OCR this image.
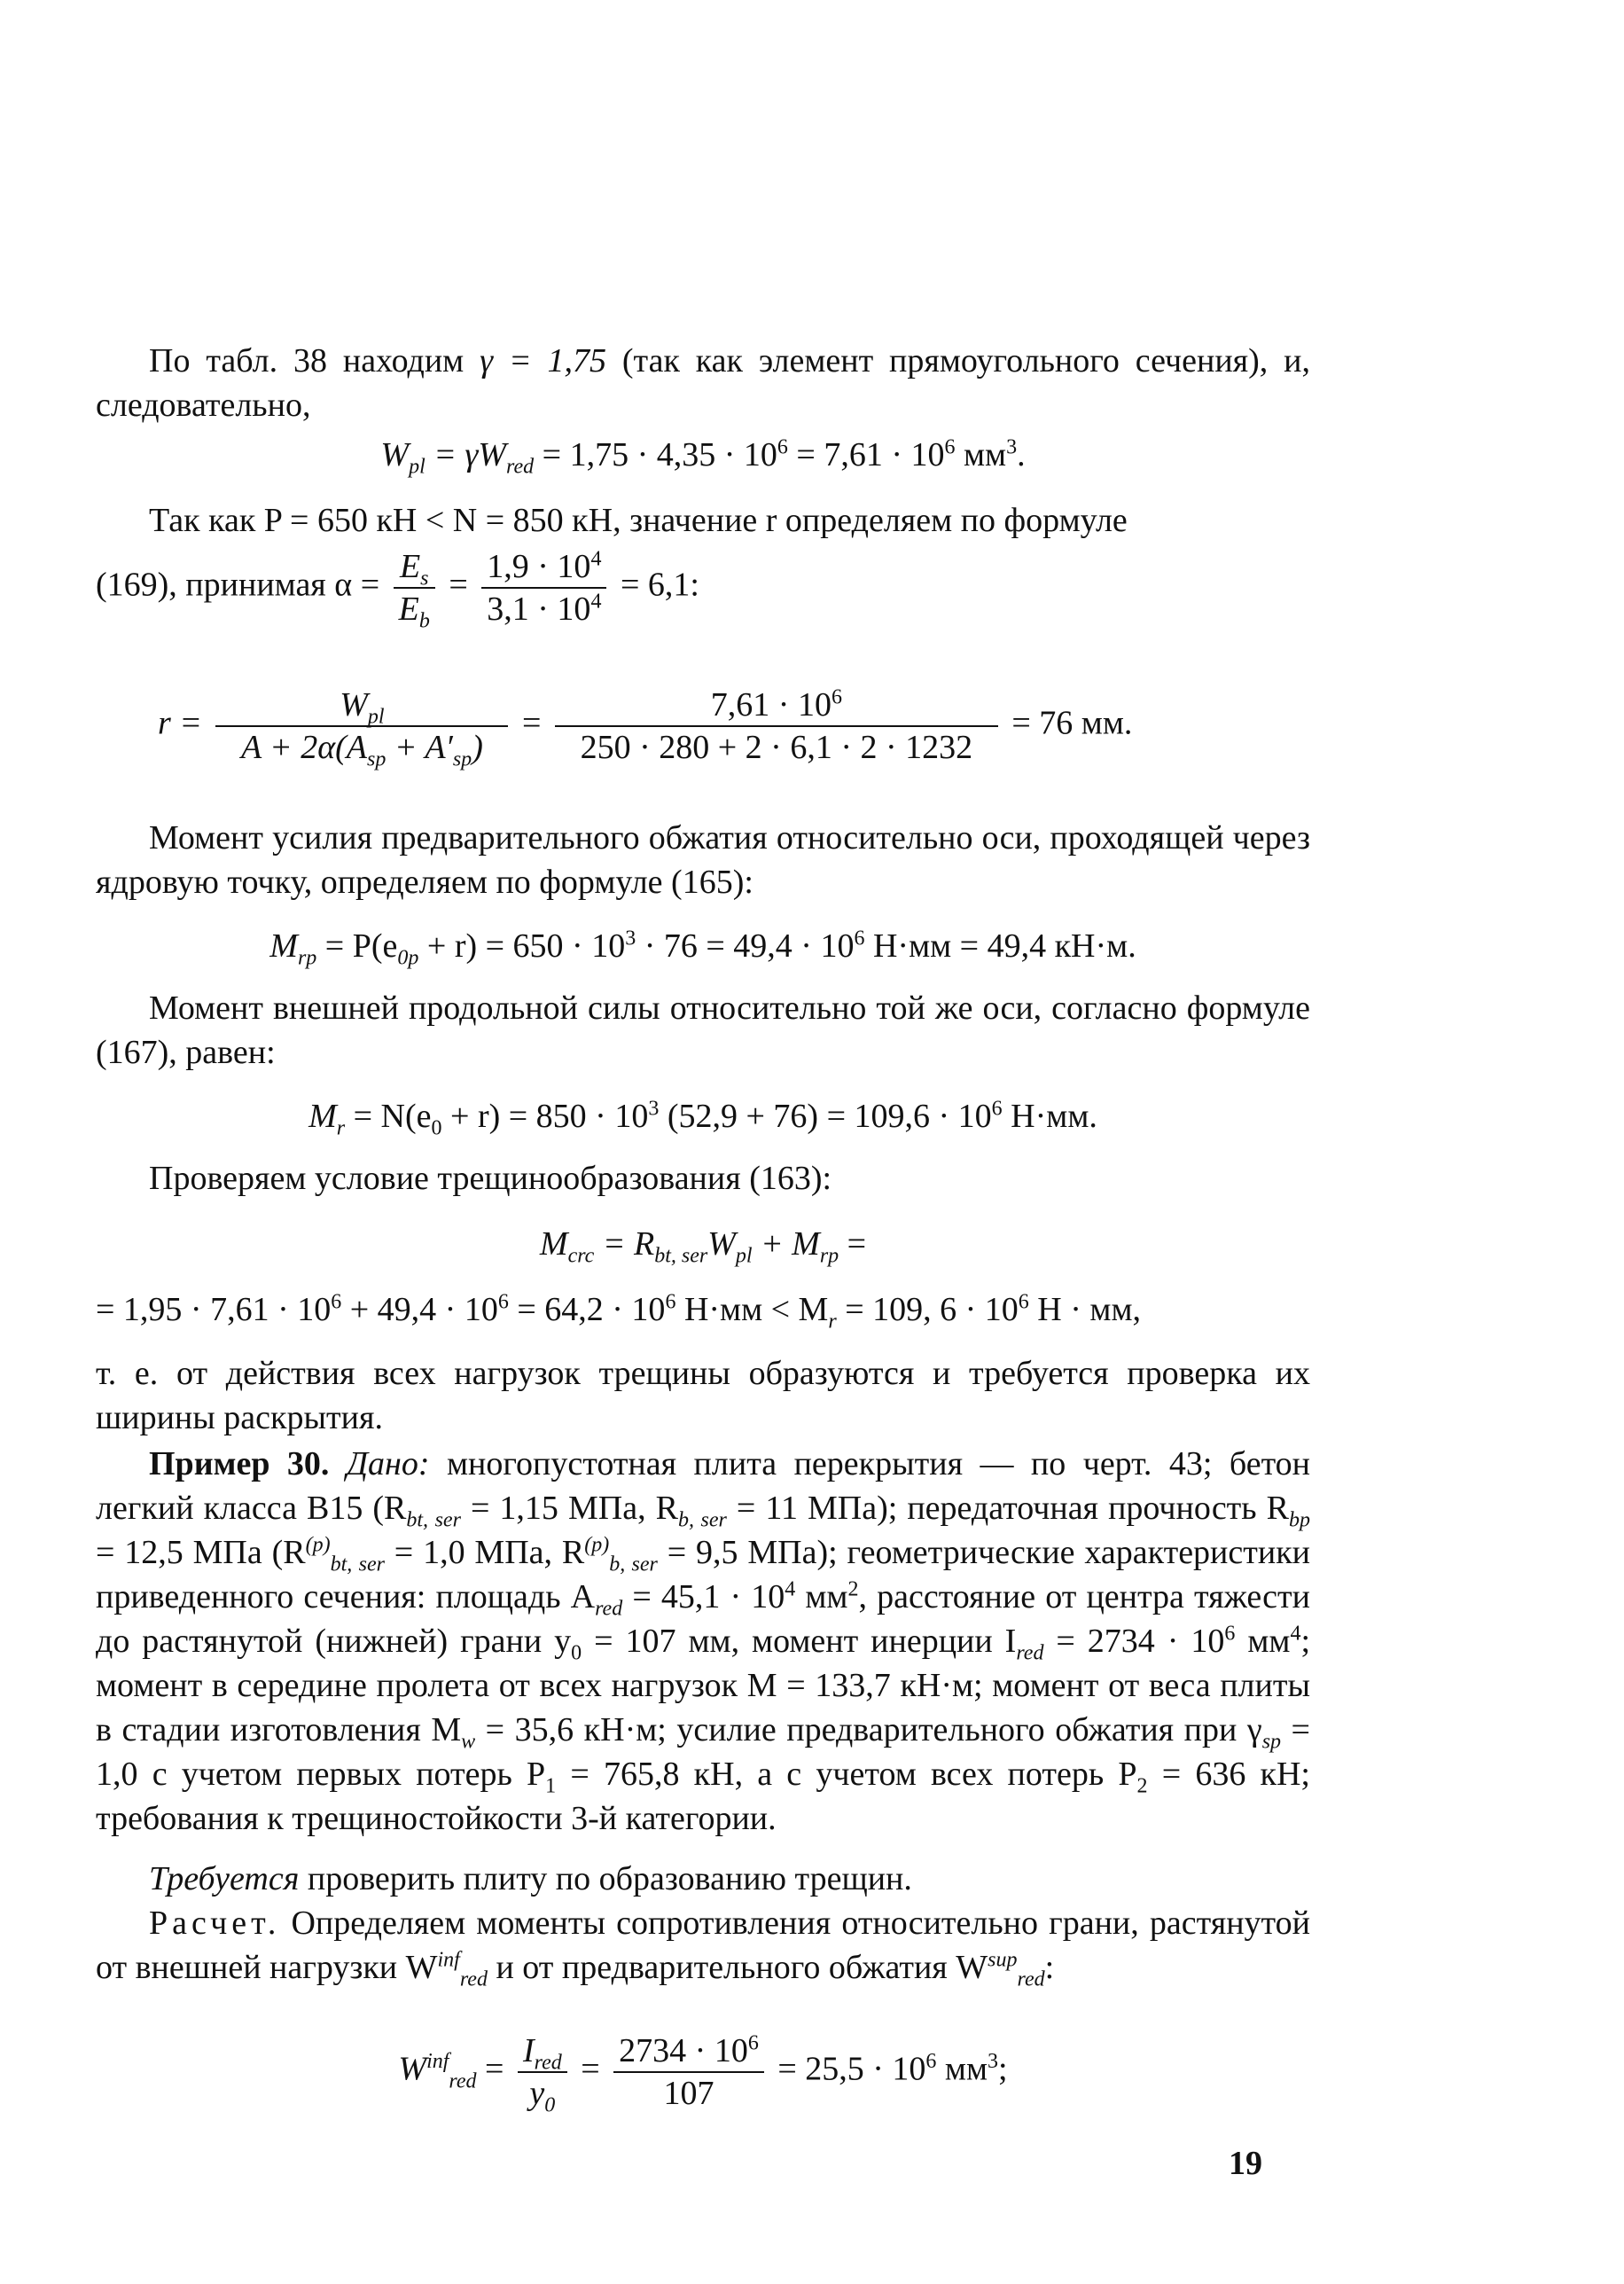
По табл. 38 находим γ = 1,75 (так как элемент прямоугольного сечения), и, следовательно,
$W_{pl} = \gamma W_{red} = 1,75 \cdot 4,35 \cdot 10^6 = 7,61 \cdot 10^6$ $мм^3$.
Так как P = 650 кН < N = 850 кН, значение r определяем по формуле
(169), принимая $\alpha = \frac{E_s}{E_b} = \frac{1,9 \cdot 10^4}{3,1 \cdot 10^4} = 6,1$:
$r = \frac{W_{pl}}{A + 2\alpha(A_{sp} + A'_{sp})} = \frac{7,61 \cdot 10^6}{250 \cdot 280 + 2 \cdot 6,1 \cdot 2 \cdot 1232} = 76$ мм.
Момент усилия предварительного обжатия относительно оси, проходящей через ядровую точку, определяем по формуле (165):
$M_{rp} = P(e_{0p} + r) = 650 \cdot 10^3 \cdot 76 = 49,4 \cdot 10^6$ Н·мм = 49,4 кН·м.
Момент внешней продольной силы относительно той же оси, согласно формуле (167), равен:
$M_r = N(e_0 + r) = 850 \cdot 10^3$ $(52,9 + 76) = 109,6 \cdot 10^6$ Н·мм.
Проверяем условие трещинообразования (163):
$M_{crc} = R_{bt, ser}W_{pl} + M_{rp}$ =
= $1,95 \cdot 7,61 \cdot 10^6 + 49,4 \cdot 10^6 = 64,2 \cdot 10^6$ $Н\cdot мм < M_r = 109$, $6 \cdot 10^6$ Н · мм,
т. е. от действия всех нагрузок трещины образуются и требуется проверка их ширины раскрытия.
Пример 30. Дано: многопустотная плита перекрытия — по черт. 43; бетон легкий класса B15 ($R_{bt, ser} = 1,15$ МПа, $R_{b, ser} = 11$ МПа); передаточная прочность $R_{bp} = 12,5$ МПа ($R^{(p)}_{bt, ser} = 1,0$ МПа, $R^{(p)}_{b, ser} = 9,5$ МПа); геометрические характеристики приведенного сечения: площадь $A_{red} = 45,1 \cdot 10^4$ $мм^2$, расстояние от центра тяжести до растянутой (нижней) грани $y_0 = 107$ мм, момент инерции $I_{red} = 2734 \cdot 10^6$ $мм^4$; момент в середине пролета от всех нагрузок M = 133,7 кН·м; момент от веса плиты в стадии изготовления $M_w = 35,6$ кН·м; усилие предварительного обжатия при $\gamma_{sp} = 1,0$ с учетом первых потерь $P_1 = 765,8$ кН, а с учетом всех потерь $P_2 = 636$ кН; требования к трещиностойкости 3-й категории.
Требуется проверить плиту по образованию трещин.
Расчет. Определяем моменты сопротивления относительно грани, растянутой от внешней нагрузки $W^{inf}_{red}$ и от предварительного обжатия $W^{sup}_{red}$:
$W^{inf}_{red} = \frac{I_{red}}{y_0} = \frac{2734 \cdot 10^6}{107} = 25,5 \cdot 10^6$ $мм^3$;
19
